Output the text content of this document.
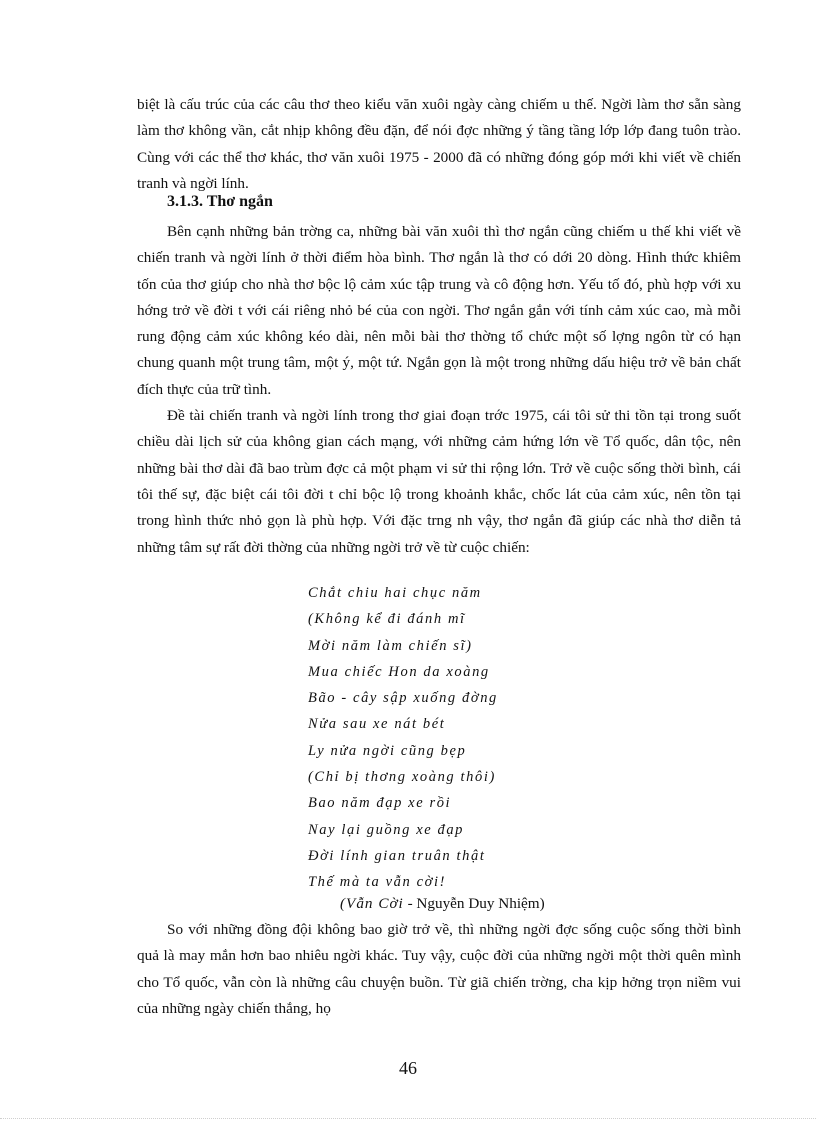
biệt là cấu trúc của các câu thơ theo kiểu văn xuôi ngày càng chiếm u thế. Ngời làm thơ sẵn sàng làm thơ không vần, cắt nhịp không đều đặn, để nói đợc những ý tầng tầng lớp lớp đang tuôn trào. Cùng với các thể thơ khác, thơ văn xuôi 1975 - 2000 đã có những đóng góp mới khi viết về chiến tranh và ngời lính.

3.1.3. Thơ ngắn

Bên cạnh những bản trờng ca, những bài văn xuôi thì thơ ngắn cũng chiếm u thế khi viết về chiến tranh và ngời lính ở thời điểm hòa bình. Thơ ngắn là thơ có dới 20 dòng. Hình thức khiêm tốn của thơ giúp cho nhà thơ bộc lộ cảm xúc tập trung và cô động hơn. Yếu tố đó, phù hợp với xu hớng trở về đời t với cái riêng nhỏ bé của con ngời. Thơ ngắn gắn với tính cảm xúc cao, mà mỗi rung động cảm xúc không kéo dài, nên mỗi bài thơ thờng tổ chức một số lợng ngôn từ có hạn chung quanh một trung tâm, một ý, một tứ. Ngắn gọn là một trong những dấu hiệu trở về bản chất đích thực của trữ tình.

Đề tài chiến tranh và ngời lính trong thơ giai đoạn trớc 1975, cái tôi sử thi tồn tại trong suốt chiều dài lịch sử của không gian cách mạng, với những cảm hứng lớn về Tổ quốc, dân tộc, nên những bài thơ dài đã bao trùm đợc cả một phạm vi sử thi rộng lớn. Trở về cuộc sống thời bình, cái tôi thế sự, đặc biệt cái tôi đời t chỉ bộc lộ trong khoảnh khắc, chốc lát của cảm xúc, nên tồn tại trong hình thức nhỏ gọn là phù hợp. Với đặc trng nh vậy, thơ ngắn đã giúp các nhà thơ diễn tả những tâm sự rất đời thờng của những ngời trở về từ cuộc chiến:

Chắt chiu hai chục năm
(Không kể đi đánh mĩ
Mời năm làm chiến sĩ)
Mua chiếc Hon da xoàng
Bão - cây sập xuống đờng
Nửa sau xe nát bét
Ly nửa ngời cũng bẹp
(Chỉ bị thơng xoàng thôi)
Bao năm đạp xe rồi
Nay lại guồng xe đạp
Đời lính gian truân thật
Thế mà ta vẫn cời!

(Vẫn Cời - Nguyễn Duy Nhiệm)

So với những đồng đội không bao giờ trở về, thì những ngời đợc sống cuộc sống thời bình quả là may mắn hơn bao nhiêu ngời khác. Tuy vậy, cuộc đời của những ngời một thời quên mình cho Tổ quốc, vẫn còn là những câu chuyện buồn. Từ giã chiến trờng, cha kịp hởng trọn niềm vui của những ngày chiến thắng, họ

46
